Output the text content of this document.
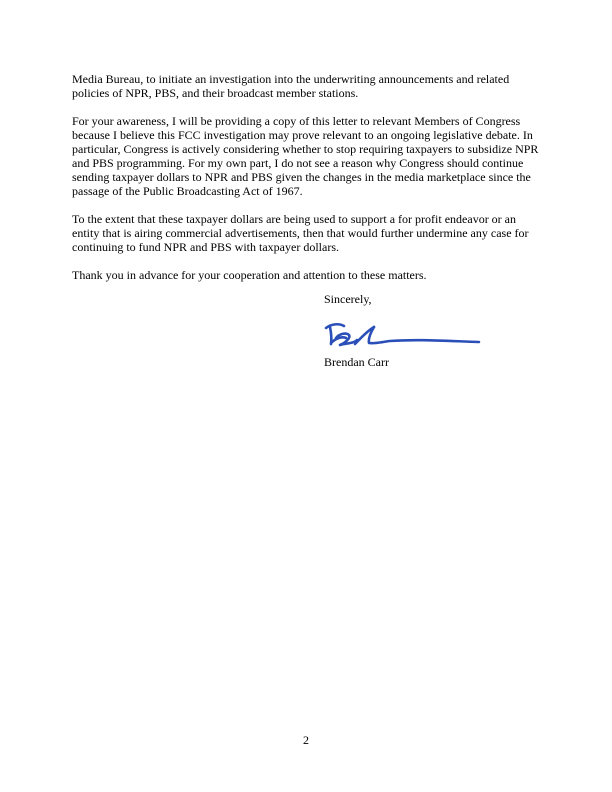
Media Bureau, to initiate an investigation into the underwriting announcements and related
policies of NPR, PBS, and their broadcast member stations.

For your awareness, I will be providing a copy of this letter to relevant Members of Congress
because I believe this FCC investigation may prove relevant to an ongoing legislative debate. In
particular, Congress is actively considering whether to stop requiring taxpayers to subsidize NPR
and PBS programming. For my own part, I do not see a reason why Congress should continue
sending taxpayer dollars to NPR and PBS given the changes in the media marketplace since the
passage of the Public Broadcasting Act of 1967.

To the extent that these taxpayer dollars are being used to support a for profit endeavor or an
entity that is airing commercial advertisements, then that would further undermine any case for
continuing to fund NPR and PBS with taxpayer dollars.

Thank you in advance for your cooperation and attention to these matters.

Sincerely,
Brendan Carr
2
